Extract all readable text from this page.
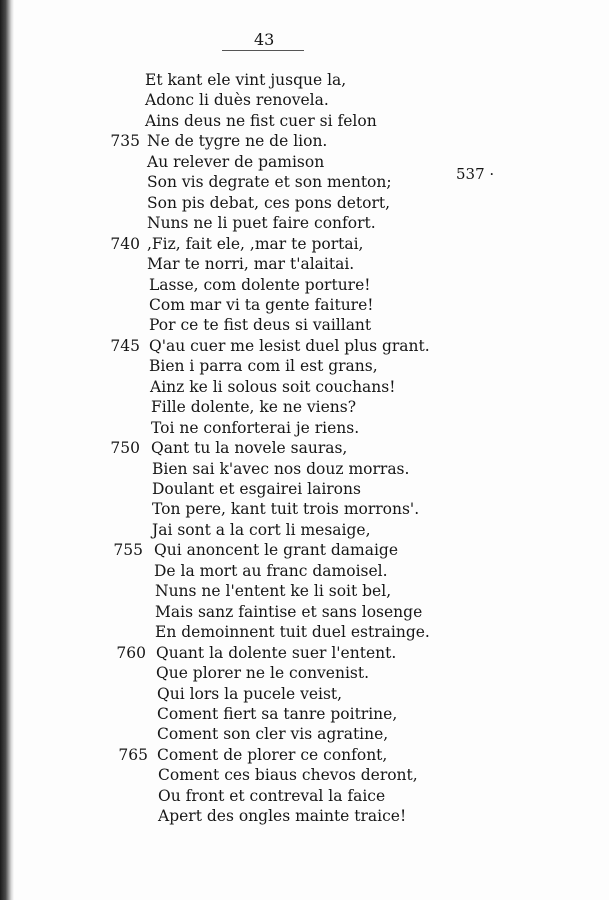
43
Et kant ele vint jusque la,
Adonc li duès renovela.
Ains deus ne fist cuer si felon
Ne de tygre ne de lion.
735
Au relever de pamison
Son vis degrate et son menton;
Son pis debat, ces pons detort,
Nuns ne li puet faire confort.
,Fiz, fait ele, ,mar te portai,
740
Mar te norri, mar t'alaitai.
Lasse, com dolente porture!
Com mar vi ta gente faiture!
Por ce te fist deus si vaillant
Q'au cuer me lesist duel plus grant.
745
Bien i parra com il est grans,
Ainz ke li solous soit couchans!
Fille dolente, ke ne viens?
Toi ne conforterai je riens.
Qant tu la novele sauras,
750
Bien sai k'avec nos douz morras.
Doulant et esgairei lairons
Ton pere, kant tuit trois morrons'.
Jai sont a la cort li mesaige,
Qui anoncent le grant damaige
755
De la mort au franc damoisel.
Nuns ne l'entent ke li soit bel,
Mais sanz faintise et sans losenge
En demoinnent tuit duel estrainge.
Quant la dolente suer l'entent.
760
Que plorer ne le convenist.
Qui lors la pucele veist,
Coment fiert sa tanre poitrine,
Coment son cler vis agratine,
Coment de plorer ce confont,
765
Coment ces biaus chevos deront,
Ou front et contreval la faice
Apert des ongles mainte traice!
537 ·
